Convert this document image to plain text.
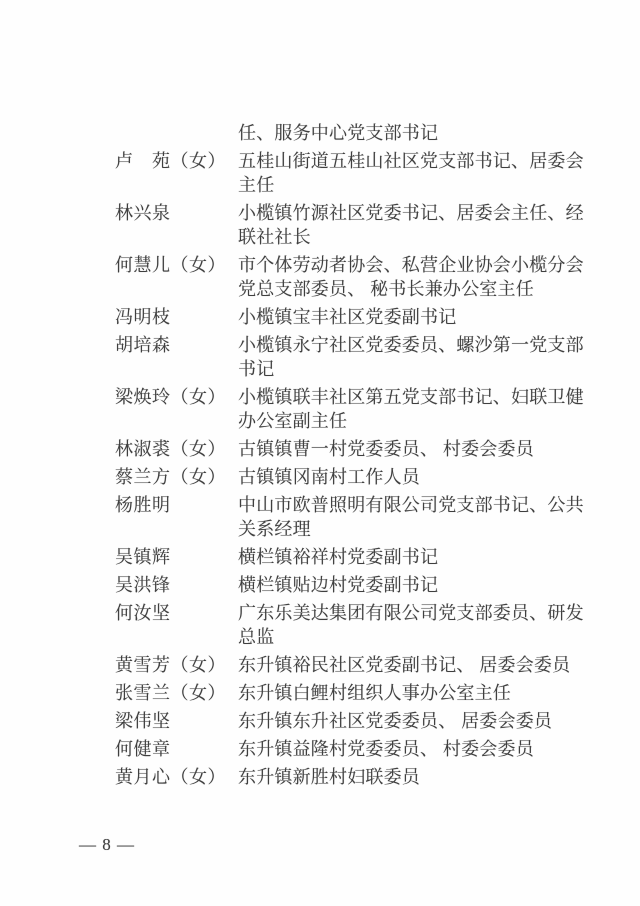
任、服务中心党支部书记
卢　苑（女） 五桂山街道五桂山社区党支部书记、居委会
主任
林兴泉	小榄镇竹源社区党委书记、居委会主任、经
联社社长
何慧儿（女） 市个体劳动者协会、私营企业协会小榄分会
党总支部委员、 秘书长兼办公室主任
冯明枝	小榄镇宝丰社区党委副书记
胡培森	小榄镇永宁社区党委委员、螺沙第一党支部
书记
梁焕玲（女） 小榄镇联丰社区第五党支部书记、妇联卫健
办公室副主任
林淑裘（女） 古镇镇曹一村党委委员、 村委会委员
蔡兰方（女） 古镇镇冈南村工作人员
杨胜明	中山市欧普照明有限公司党支部书记、公共
关系经理
吴镇辉	横栏镇裕祥村党委副书记
吴洪锋	横栏镇贴边村党委副书记
何汝坚	广东乐美达集团有限公司党支部委员、研发
总监
黄雪芳（女） 东升镇裕民社区党委副书记、 居委会委员
张雪兰（女） 东升镇白鲤村组织人事办公室主任
梁伟坚	东升镇东升社区党委委员、 居委会委员
何健章	东升镇益隆村党委委员、 村委会委员
黄月心（女） 东升镇新胜村妇联委员
— 8 —
